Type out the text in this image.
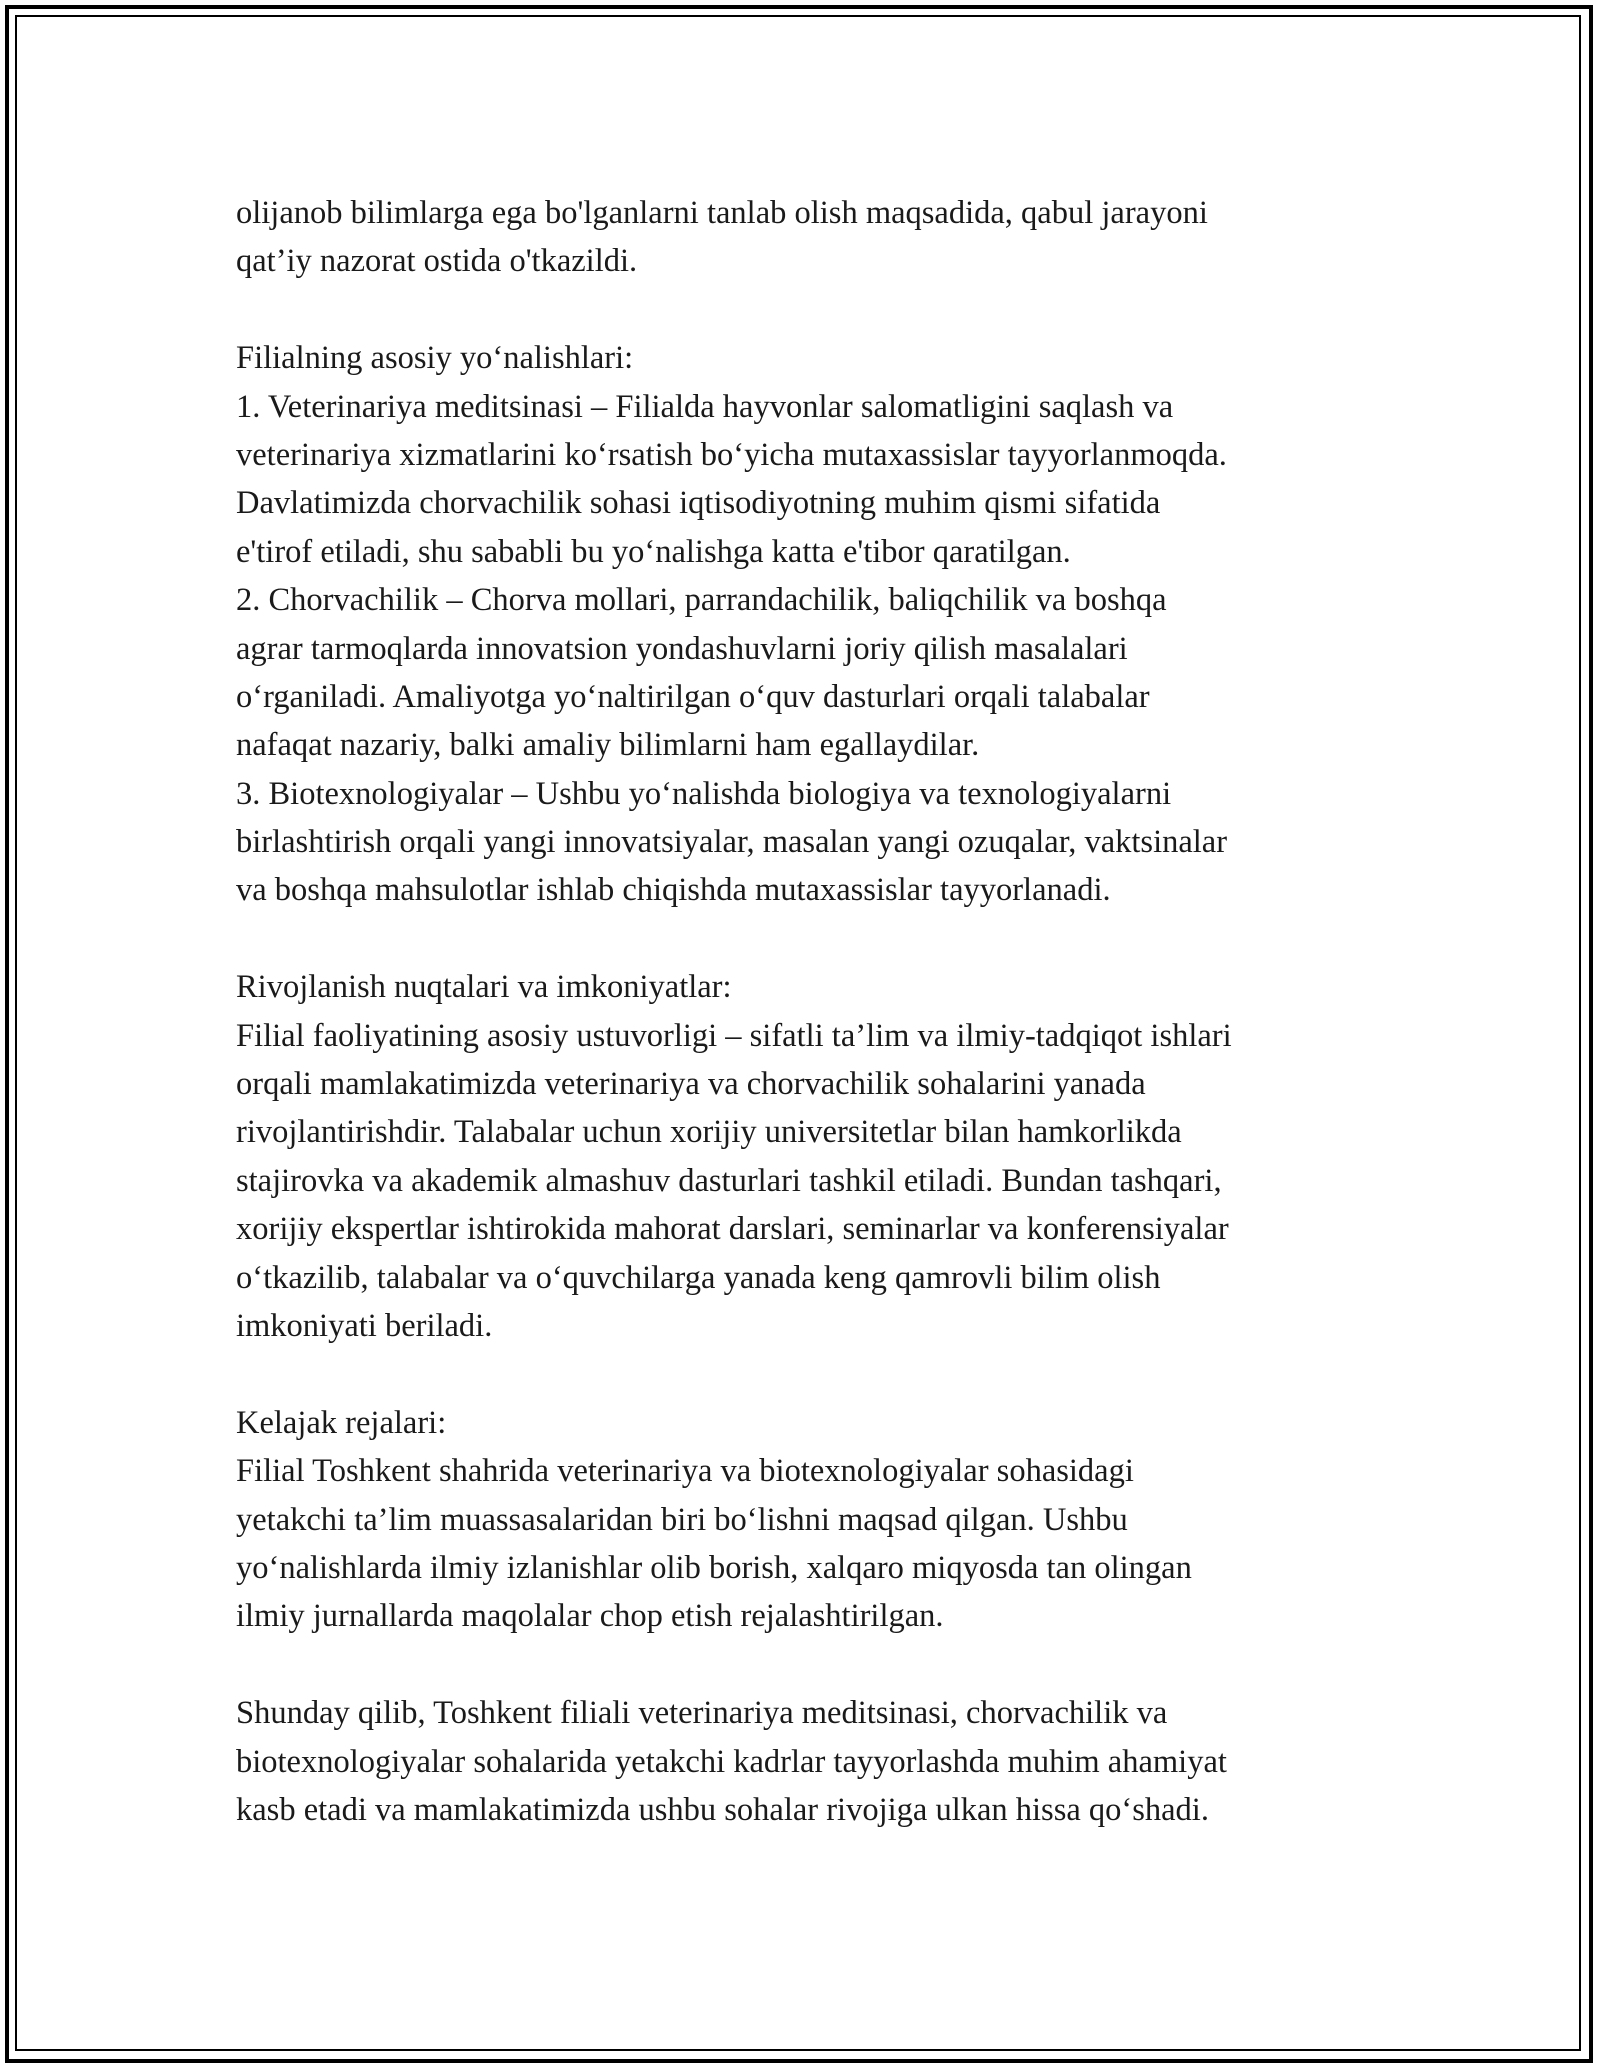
olijanob bilimlarga ega bo'lganlarni tanlab olish maqsadida, qabul jarayoni
qat’iy nazorat ostida o'tkazildi.
Filialning asosiy yo‘nalishlari:
1. Veterinariya meditsinasi – Filialda hayvonlar salomatligini saqlash va
veterinariya xizmatlarini ko‘rsatish bo‘yicha mutaxassislar tayyorlanmoqda.
Davlatimizda chorvachilik sohasi iqtisodiyotning muhim qismi sifatida
e'tirof etiladi, shu sababli bu yo‘nalishga katta e'tibor qaratilgan.
2. Chorvachilik – Chorva mollari, parrandachilik, baliqchilik va boshqa
agrar tarmoqlarda innovatsion yondashuvlarni joriy qilish masalalari
o‘rganiladi. Amaliyotga yo‘naltirilgan o‘quv dasturlari orqali talabalar
nafaqat nazariy, balki amaliy bilimlarni ham egallaydilar.
3. Biotexnologiyalar – Ushbu yo‘nalishda biologiya va texnologiyalarni
birlashtirish orqali yangi innovatsiyalar, masalan yangi ozuqalar, vaktsinalar
va boshqa mahsulotlar ishlab chiqishda mutaxassislar tayyorlanadi.
Rivojlanish nuqtalari va imkoniyatlar:
Filial faoliyatining asosiy ustuvorligi – sifatli ta’lim va ilmiy-tadqiqot ishlari
orqali mamlakatimizda veterinariya va chorvachilik sohalarini yanada
rivojlantirishdir. Talabalar uchun xorijiy universitetlar bilan hamkorlikda
stajirovka va akademik almashuv dasturlari tashkil etiladi. Bundan tashqari,
xorijiy ekspertlar ishtirokida mahorat darslari, seminarlar va konferensiyalar
o‘tkazilib, talabalar va o‘quvchilarga yanada keng qamrovli bilim olish
imkoniyati beriladi.
Kelajak rejalari:
Filial Toshkent shahrida veterinariya va biotexnologiyalar sohasidagi
yetakchi ta’lim muassasalaridan biri bo‘lishni maqsad qilgan. Ushbu
yo‘nalishlarda ilmiy izlanishlar olib borish, xalqaro miqyosda tan olingan
ilmiy jurnallarda maqolalar chop etish rejalashtirilgan.
Shunday qilib, Toshkent filiali veterinariya meditsinasi, chorvachilik va
biotexnologiyalar sohalarida yetakchi kadrlar tayyorlashda muhim ahamiyat
kasb etadi va mamlakatimizda ushbu sohalar rivojiga ulkan hissa qo‘shadi.
